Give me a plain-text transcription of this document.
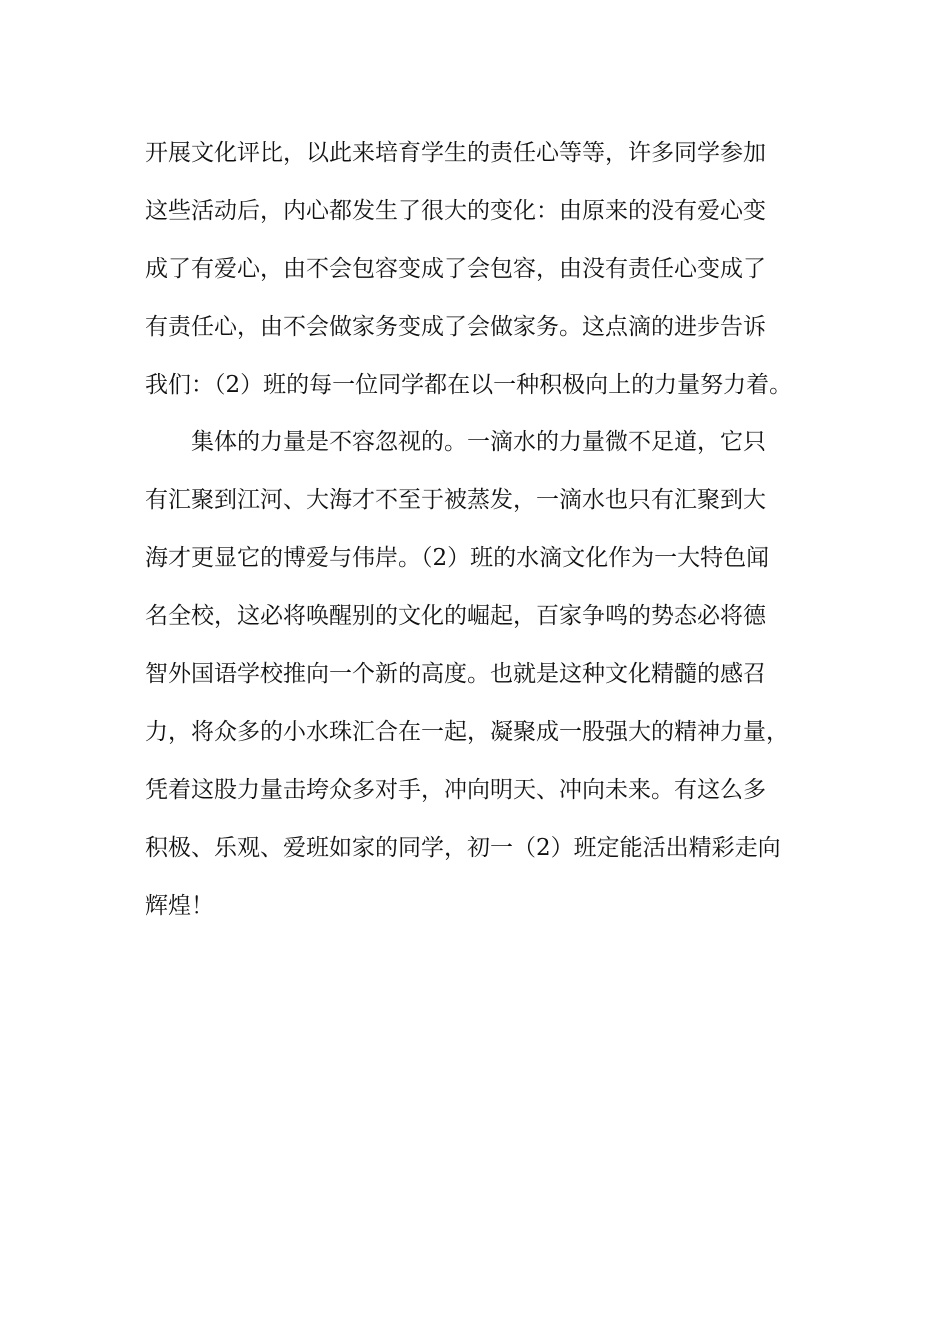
开展文化评比，以此来培育学生的责任心等等，许多同学参加
这些活动后，内心都发生了很大的变化：由原来的没有爱心变
成了有爱心，由不会包容变成了会包容，由没有责任心变成了
有责任心，由不会做家务变成了会做家务。这点滴的进步告诉
我们：（2）班的每一位同学都在以一种积极向上的力量努力着。
　　集体的力量是不容忽视的。一滴水的力量微不足道，它只
有汇聚到江河、大海才不至于被蒸发，一滴水也只有汇聚到大
海才更显它的博爱与伟岸。（2）班的水滴文化作为一大特色闻
名全校，这必将唤醒别的文化的崛起，百家争鸣的势态必将德
智外国语学校推向一个新的高度。也就是这种文化精髓的感召
力，将众多的小水珠汇合在一起，凝聚成一股强大的精神力量，
凭着这股力量击垮众多对手，冲向明天、冲向未来。有这么多
积极、乐观、爱班如家的同学，初一（2）班定能活出精彩走向
辉煌！
